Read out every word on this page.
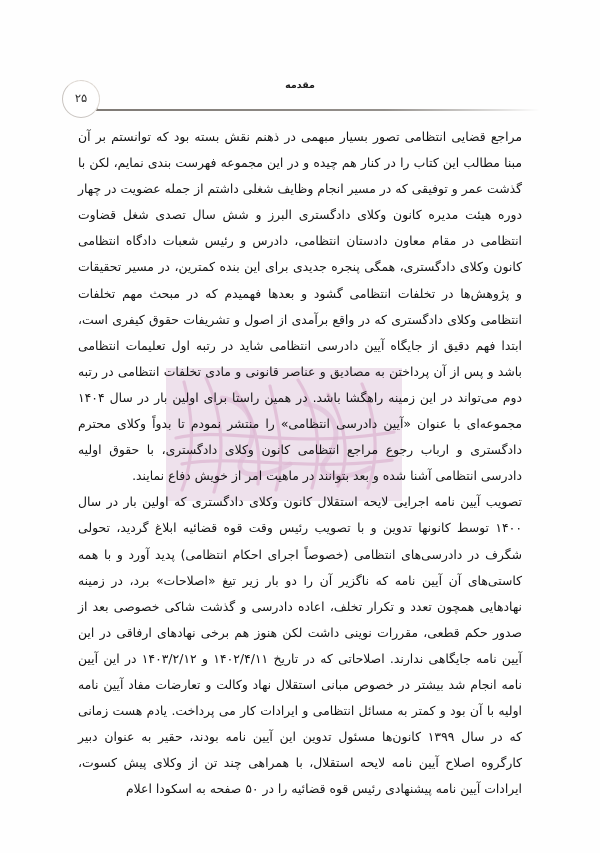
۲۵
مقدمه

مراجع قضایی انتظامی تصور بسیار مبهمی در ذهنم نقش بسته بود که توانستم بر آن مبنا مطالب این کتاب را در کنار هم چیده و در این مجموعه فهرست بندی نمایم، لکن با گذشت عمر و توفیقی که در مسیر انجام وظایف شغلی داشتم از جمله عضویت در چهار دوره هیئت مدیره کانون وکلای دادگستری البرز و شش سال تصدی شغل قضاوت انتظامی در مقام معاون دادستان انتظامی، دادرس و رئیس شعبات دادگاه انتظامی کانون وکلای دادگستری، همگی پنجره جدیدی برای این بنده کمترین، در مسیر تحقیقات و پژوهش‌ها در تخلفات انتظامی گشود و بعدها فهمیدم که در مبحث مهم تخلفات انتظامی وکلای دادگستری که در واقع برآمدی از اصول و تشریفات حقوق کیفری است، ابتدا فهم دقیق از جایگاه آیین دادرسی انتظامی شاید در رتبه اول تعلیمات انتظامی باشد و پس از آن پرداختن به مصادیق و عناصر قانونی و مادی تخلفات انتظامی در رتبه دوم می‌تواند در این زمینه راهگشا باشد. در همین راستا برای اولین بار در سال ۱۴۰۴ مجموعه‌ای با عنوان «آیین دادرسی انتظامی» را منتشر نمودم تا بدواً وکلای محترم دادگستری و ارباب رجوع مراجع انتظامی کانون وکلای دادگستری، با حقوق اولیه دادرسی انتظامی آشنا شده و بعد بتوانند در ماهیت امر از خویش دفاع نمایند.

تصویب آیین نامه اجرایی لایحه استقلال کانون وکلای دادگستری که اولین بار در سال ۱۴۰۰ توسط کانونها تدوین و با تصویب رئیس وقت قوه قضائیه ابلاغ گردید، تحولی شگرف در دادرسی‌های انتظامی (خصوصاً اجرای احکام انتظامی) پدید آورد و با همه کاستی‌های آن آیین نامه که ناگزیر آن را دو بار زیر تیغ «اصلاحات» برد، در زمینه نهادهایی همچون تعدد و تکرار تخلف، اعاده دادرسی و گذشت شاکی خصوصی بعد از صدور حکم قطعی، مقررات نوینی داشت لکن هنوز هم برخی نهادهای ارفاقی در این آیین نامه جایگاهی ندارند. اصلاحاتی که در تاریخ ۱۴۰۲/۴/۱۱ و ۱۴۰۳/۲/۱۲ در این آیین نامه انجام شد بیشتر در خصوص مبانی استقلال نهاد وکالت و تعارضات مفاد آیین نامه اولیه با آن بود و کمتر به مسائل انتظامی و ایرادات کار می پرداخت. یادم هست زمانی که در سال ۱۳۹۹ کانون‌ها مسئول تدوین این آیین نامه بودند، حقیر به عنوان دبیر کارگروه اصلاح آیین نامه لایحه استقلال، با همراهی چند تن از وکلای پیش کسوت، ایرادات آیین نامه پیشنهادی رئیس قوه قضائیه را در ۵۰ صفحه به اسکودا اعلام
